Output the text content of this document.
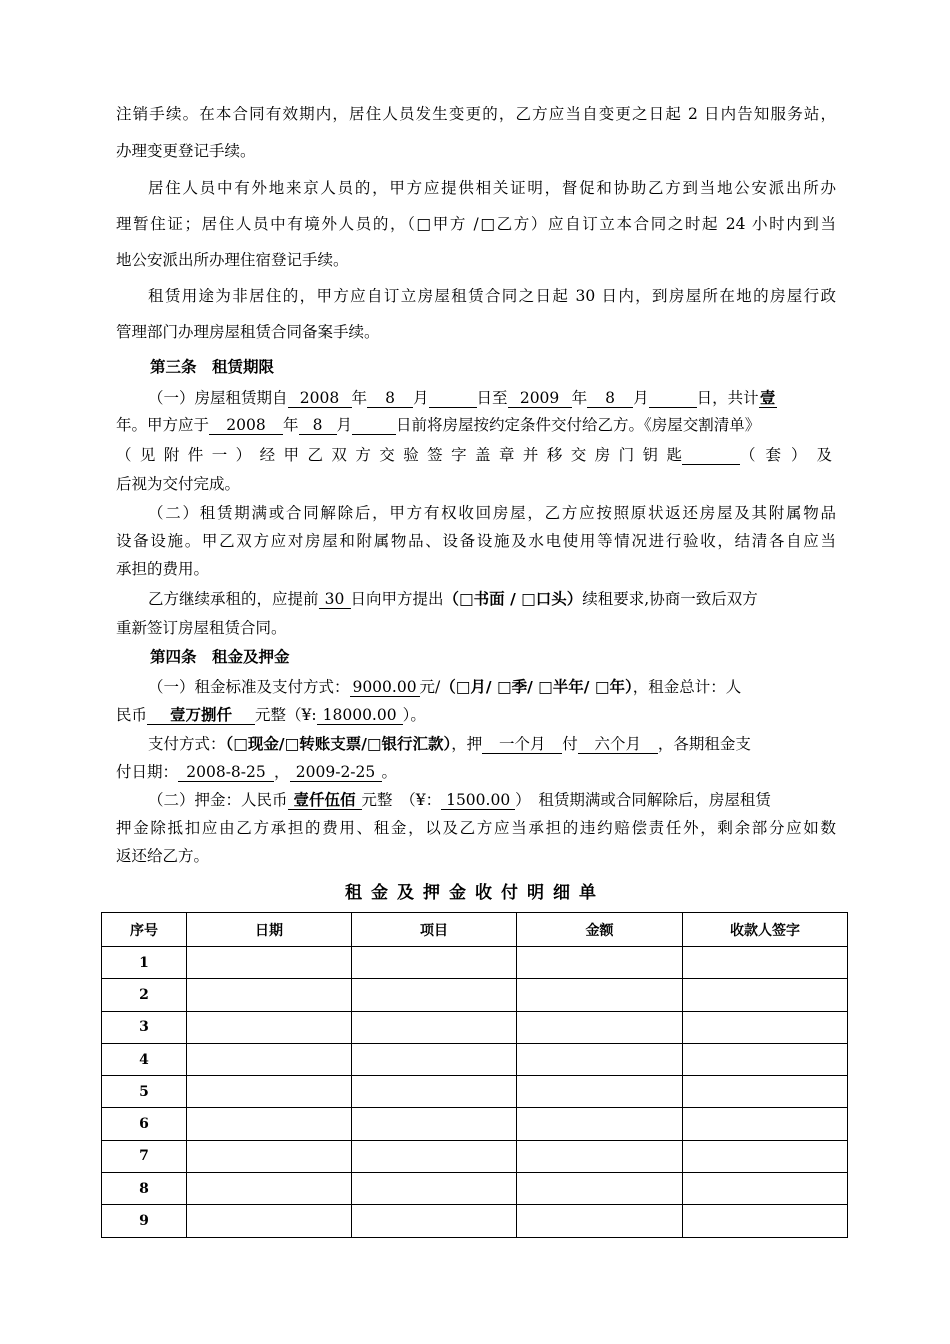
注销手续。在本合同有效期内，居住人员发生变更的，乙方应当自变更之日起 2 日内告知服务站，
办理变更登记手续。
居住人员中有外地来京人员的，甲方应提供相关证明，督促和协助乙方到当地公安派出所办
理暂住证；居住人员中有境外人员的，（□甲方 /□乙方）应自订立本合同之时起 24 小时内到当
地公安派出所办理住宿登记手续。
租赁用途为非居住的，甲方应自订立房屋租赁合同之日起 30 日内，到房屋所在地的房屋行政
管理部门办理房屋租赁合同备案手续。
第三条　租赁期限
（一）房屋租赁期自 2008 年 8 月	日至 2009 年 8 月	日，共计壹
年。甲方应于 2008 年 8 月	日前将房屋按约定条件交付给乙方。《房屋交割清单》
（见附件一）经甲乙双方交验签字盖章并移交房门钥匙	（套）及
后视为交付完成。
（二）租赁期满或合同解除后，甲方有权收回房屋，乙方应按照原状返还房屋及其附属物品
设备设施。甲乙双方应对房屋和附属物品、设备设施及水电使用等情况进行验收，结清各自应当
承担的费用。
乙方继续承租的，应提前 30 日向甲方提出（□书面 / □口头）续租要求,协商一致后双方
重新签订房屋租赁合同。
第四条　租金及押金
（一）租金标准及支付方式： 9000.00 元/（□月/ □季/ □半年/ □年），租金总计：人
民币 壹万捌仟 元整（¥: 18000.00 ）。
支付方式：（□现金/□转账支票/□银行汇款），押 一个月 付 六个月 ，各期租金支
付日期： 2008-8-25 ， 2009-2-25 。
（二）押金：人民币 壹仟伍佰 元整　（¥： 1500.00 ）　租赁期满或合同解除后，房屋租赁
押金除抵扣应由乙方承担的费用、租金，以及乙方应当承担的违约赔偿责任外，剩余部分应如数
返还给乙方。
租金及押金收付明细单
序号	日期	项目	金额	收款人签字
1				
2				
3				
4				
5				
6				
7				
8				
9				
